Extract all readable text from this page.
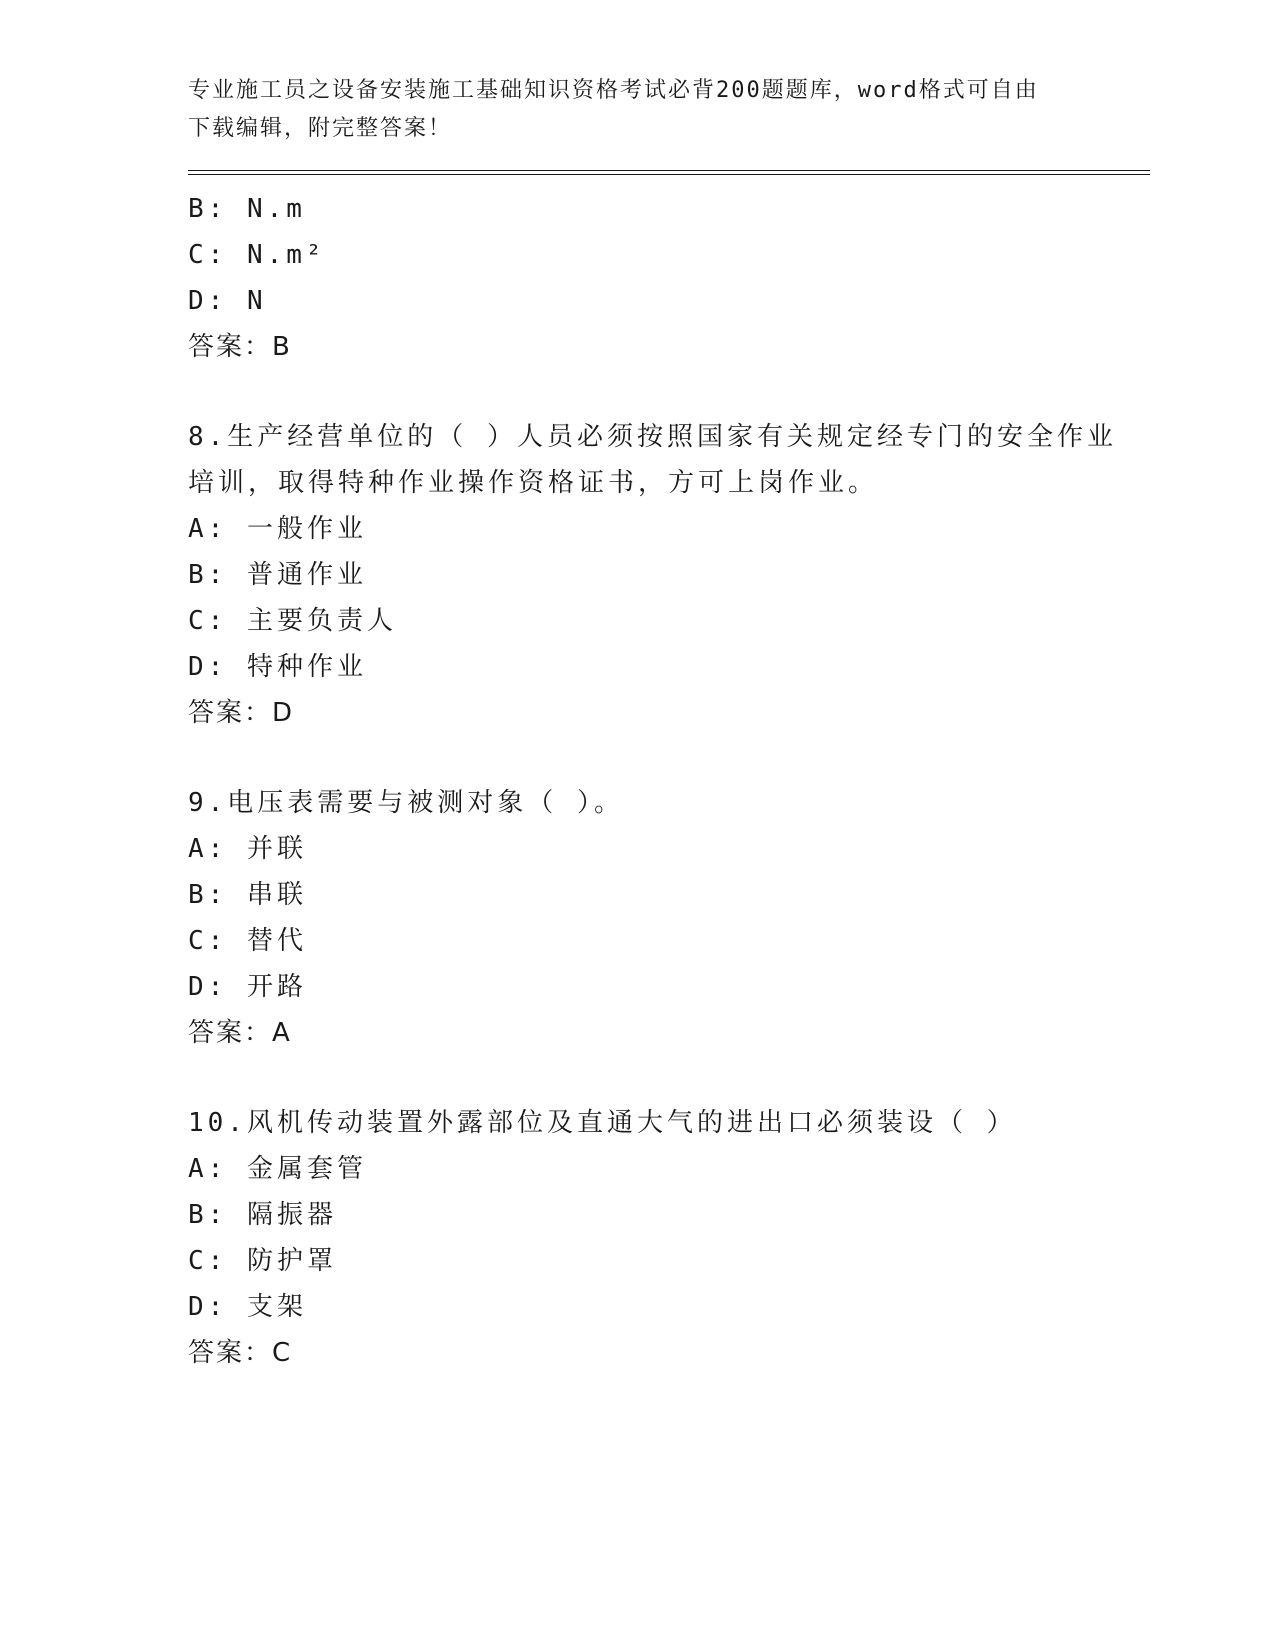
专业施工员之设备安装施工基础知识资格考试必背200题题库，word格式可自由
下载编辑，附完整答案！
B: N.m
C: N.m²
D: N
答案：B
8.生产经营单位的（ ）人员必须按照国家有关规定经专门的安全作业
培训，取得特种作业操作资格证书，方可上岗作业。
A: 一般作业
B: 普通作业
C: 主要负责人
D: 特种作业
答案：D
9.电压表需要与被测对象（ ）。
A: 并联
B: 串联
C: 替代
D: 开路
答案：A
10.风机传动装置外露部位及直通大气的进出口必须装设（ ）
A: 金属套管
B: 隔振器
C: 防护罩
D: 支架
答案：C
